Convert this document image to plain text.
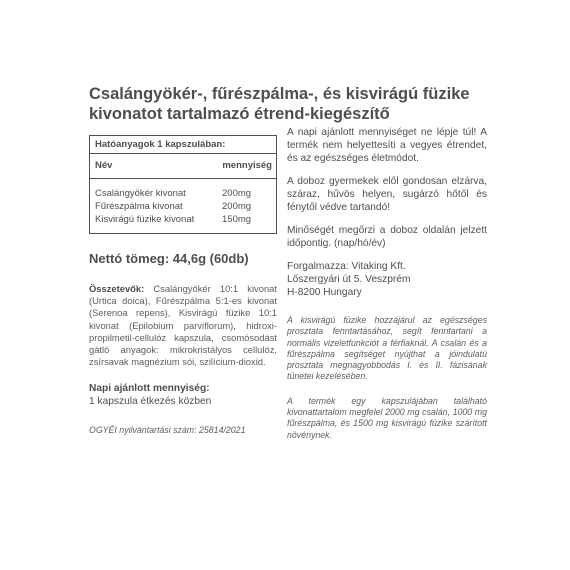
Csalángyökér-, fűrészpálma-, és kisvirágú füzike kivonatot tartalmazó étrend-kiegészítő
Hatóanyagok 1 kapszulában:
Név	mennyiség
Csalángyökér kivonat	200mg
Fűrészpálma kivonat	200mg
Kisvirágú füzike kivonat	150mg

Nettó tömeg: 44,6g (60db)

Összetevők: Csalángyökér 10:1 kivonat (Urtica doica), Fűrészpálma 5:1-es kivonat (Serenoa repens), Kisvirágú füzike 10:1 kivonat (Epilobium parviflorum), hidroxi-propilmetil-cellulóz kapszula, csomósodást gátló anyagok: mikrokristályos cellulóz, zsírsavak magnézium sói, szilícium-dioxid.

Napi ajánlott mennyiség:

1 kapszula étkezés közben

OGYÉI nyilvántartási szám: 25814/2021

A napi ajánlott mennyiséget ne lépje túl! A termék nem helyettesíti a vegyes étrendet, és az egészséges életmódot.

A doboz gyermekek elől gondosan elzárva, száraz, hűvös helyen, sugárzó hőtől és fénytől védve tartandó!

Minőségét megőrzi a doboz oldalán jelzett időpontig. (nap/hó/év)

Forgalmazza: Vitaking Kft.
Lőszergyári út 5. Veszprém
H-8200 Hungary

A kisvirágú füzike hozzájárul az egészséges prosztata fenntartásához, segít fenntartani a normális vizeletfunkciót a férfiaknál. A csalán és a fűrészpálma segítséget nyújthat a jóindulatú prosztata megnagyobbodás I. és II. fázisának tünetei kezelésében.

A termék egy kapszulájában található kivonattartalom megfelel 2000 mg csalán, 1000 mg fűrészpálma, és 1500 mg kisvirágú füzike szárított növénynek.
